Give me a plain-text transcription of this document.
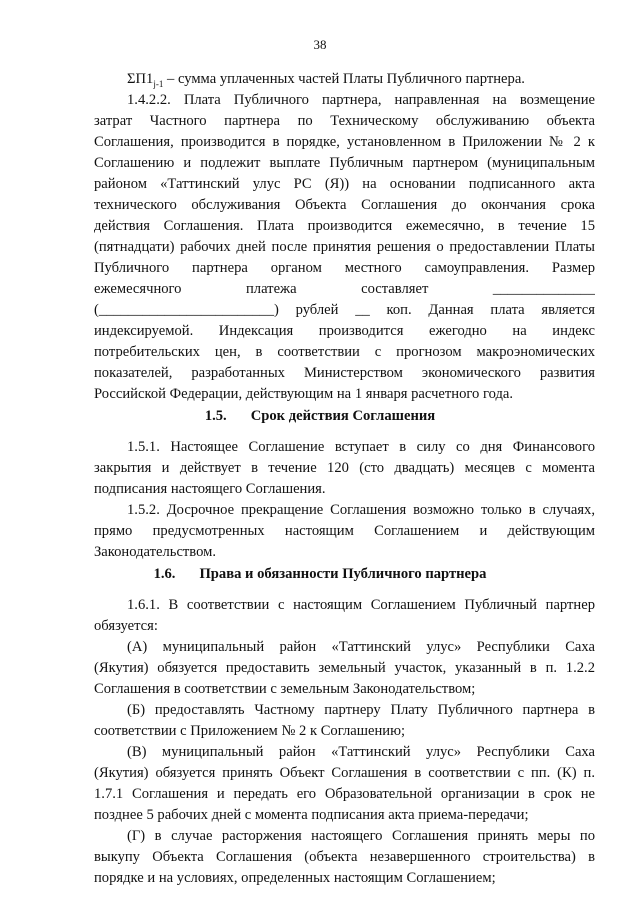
38
$\Sigma П1_{j-1}$ – сумма уплаченных частей Платы Публичного партнера.
1.4.2.2. Плата Публичного партнера, направленная на возмещение
затрат Частного партнера по Техническому обслуживанию объекта
Соглашения, производится в порядке, установленном в Приложении № 2 к
Соглашению и подлежит выплате Публичным партнером (муниципальным
районом «Таттинский улус РС (Я)) на основании подписанного акта
технического обслуживания Объекта Соглашения до окончания срока
действия Соглашения. Плата производится ежемесячно, в течение 15
(пятнадцати) рабочих дней после принятия решения о предоставлении Платы
Публичного партнера органом местного самоуправления. Размер
ежемесячного платежа составляет ______________
(________________________) рублей __ коп. Данная плата является
индексируемой. Индексация производится ежегодно на индекс
потребительских цен, в соответствии с прогнозом макроэномических
показателей, разработанных Министерством экономического развития
Российской Федерации, действующим на 1 января расчетного года.
1.5.1. Настоящее Соглашение вступает в силу со дня Финансового
закрытия и действует в течение 120 (сто двадцать) месяцев с момента
подписания настоящего Соглашения.
1.5.2. Досрочное прекращение Соглашения возможно только в случаях,
прямо предусмотренных настоящим Соглашением и действующим
Законодательством.
1.6.1. В соответствии с настоящим Соглашением Публичный партнер
обязуется:
(А) муниципальный район «Таттинский улус» Республики Саха
(Якутия) обязуется предоставить земельный участок, указанный в п. 1.2.2
Соглашения в соответствии с земельным Законодательством;
(Б) предоставлять Частному партнеру Плату Публичного партнера в
соответствии с Приложением № 2 к Соглашению;
(В) муниципальный район «Таттинский улус» Республики Саха
(Якутия) обязуется принять Объект Соглашения в соответствии с пп. (К) п.
1.7.1 Соглашения и передать его Образовательной организации в срок не
позднее 5 рабочих дней с момента подписания акта приема-передачи;
(Г) в случае расторжения настоящего Соглашения принять меры по
выкупу Объекта Соглашения (объекта незавершенного строительства) в
порядке и на условиях, определенных настоящим Соглашением;
1.5. Срок действия Соглашения
1.6. Права и обязанности Публичного партнера
